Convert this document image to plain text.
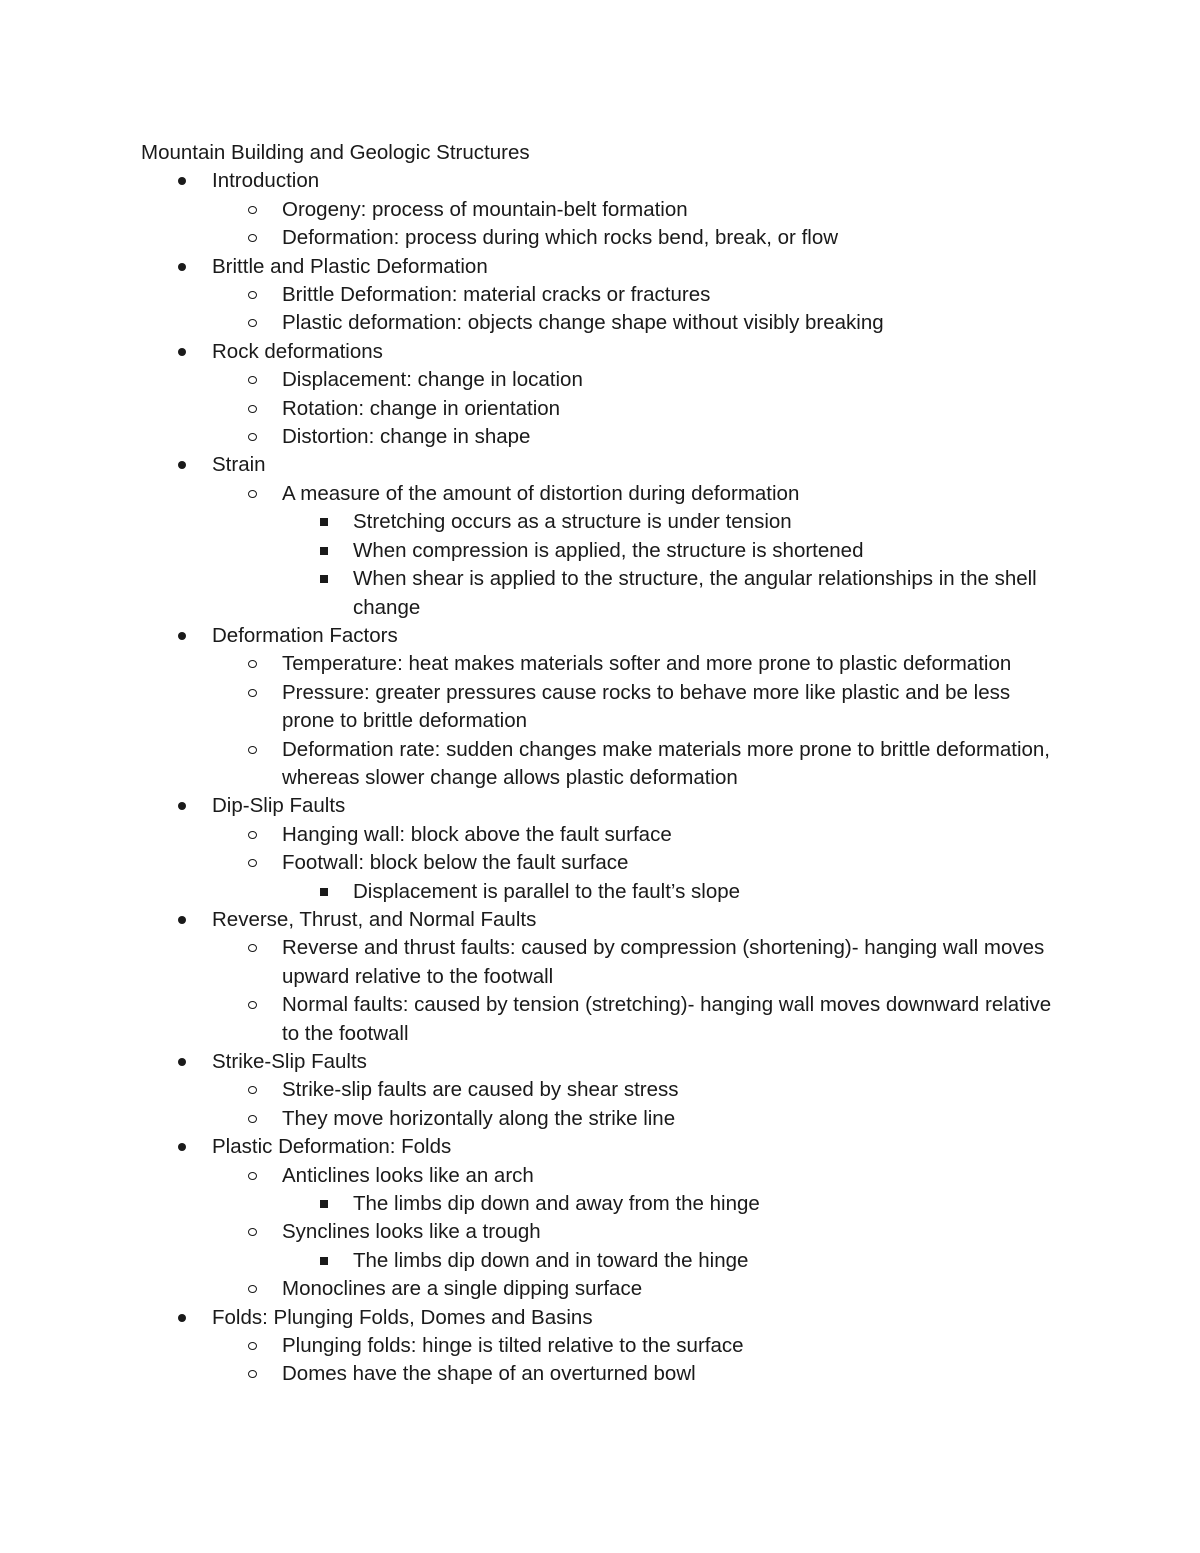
Mountain Building and Geologic Structures
Introduction
Orogeny: process of mountain-belt formation
Deformation: process during which rocks bend, break, or flow
Brittle and Plastic Deformation
Brittle Deformation: material cracks or fractures
Plastic deformation: objects change shape without visibly breaking
Rock deformations
Displacement: change in location
Rotation: change in orientation
Distortion: change in shape
Strain
A measure of the amount of distortion during deformation
Stretching occurs as a structure is under tension
When compression is applied, the structure is shortened
When shear is applied to the structure, the angular relationships in the shell change
Deformation Factors
Temperature: heat makes materials softer and more prone to plastic deformation
Pressure: greater pressures cause rocks to behave more like plastic and be less prone to brittle deformation
Deformation rate: sudden changes make materials more prone to brittle deformation, whereas slower change allows plastic deformation
Dip-Slip Faults
Hanging wall: block above the fault surface
Footwall: block below the fault surface
Displacement is parallel to the fault’s slope
Reverse, Thrust, and Normal Faults
Reverse and thrust faults: caused by compression (shortening)- hanging wall moves upward relative to the footwall
Normal faults: caused by tension (stretching)- hanging wall moves downward relative to the footwall
Strike-Slip Faults
Strike-slip faults are caused by shear stress
They move horizontally along the strike line
Plastic Deformation: Folds
Anticlines looks like an arch
The limbs dip down and away from the hinge
Synclines looks like a trough
The limbs dip down and in toward the hinge
Monoclines are a single dipping surface
Folds: Plunging Folds, Domes and Basins
Plunging folds: hinge is tilted relative to the surface
Domes have the shape of an overturned bowl
